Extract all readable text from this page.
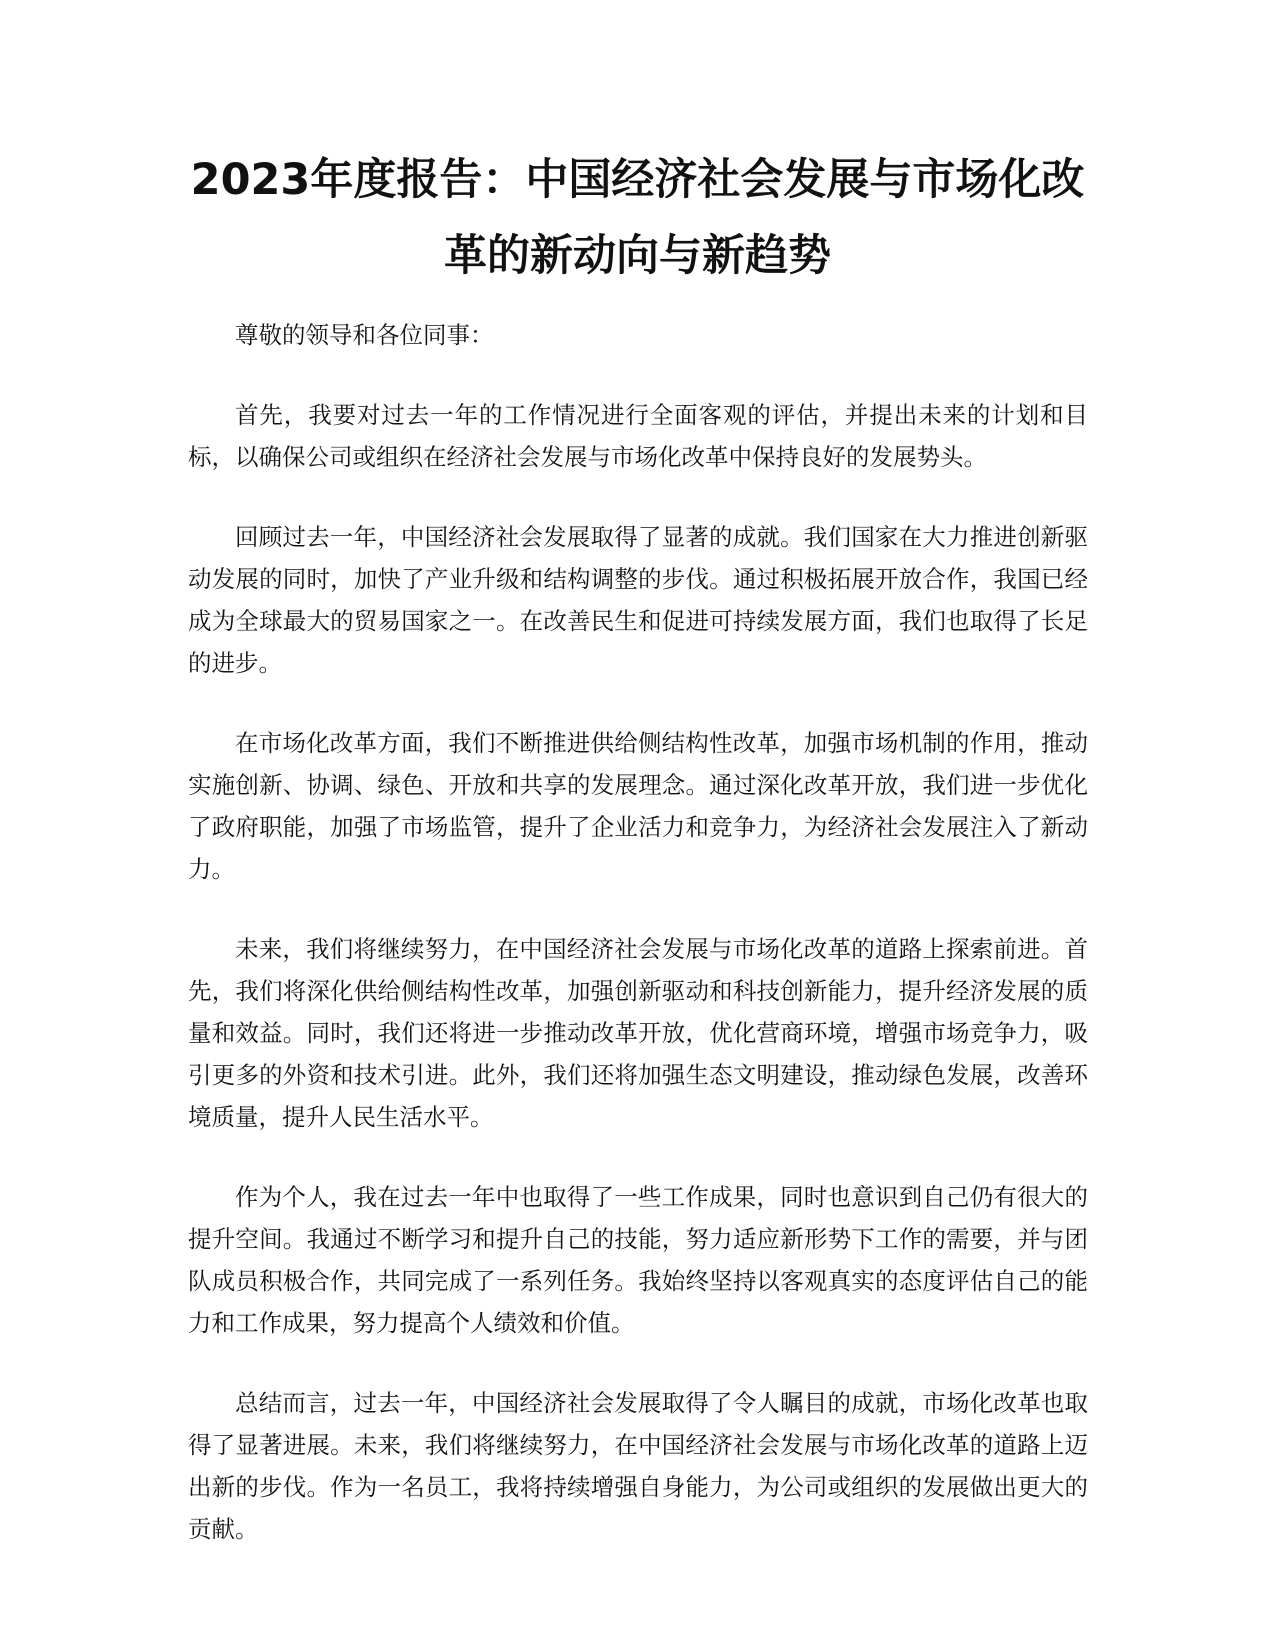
2023年度报告：中国经济社会发展与市场化改革的新动向与新趋势

尊敬的领导和各位同事：

首先，我要对过去一年的工作情况进行全面客观的评估，并提出未来的计划和目标，以确保公司或组织在经济社会发展与市场化改革中保持良好的发展势头。

回顾过去一年，中国经济社会发展取得了显著的成就。我们国家在大力推进创新驱动发展的同时，加快了产业升级和结构调整的步伐。通过积极拓展开放合作，我国已经成为全球最大的贸易国家之一。在改善民生和促进可持续发展方面，我们也取得了长足的进步。

在市场化改革方面，我们不断推进供给侧结构性改革，加强市场机制的作用，推动实施创新、协调、绿色、开放和共享的发展理念。通过深化改革开放，我们进一步优化了政府职能，加强了市场监管，提升了企业活力和竞争力，为经济社会发展注入了新动力。

未来，我们将继续努力，在中国经济社会发展与市场化改革的道路上探索前进。首先，我们将深化供给侧结构性改革，加强创新驱动和科技创新能力，提升经济发展的质量和效益。同时，我们还将进一步推动改革开放，优化营商环境，增强市场竞争力，吸引更多的外资和技术引进。此外，我们还将加强生态文明建设，推动绿色发展，改善环境质量，提升人民生活水平。

作为个人，我在过去一年中也取得了一些工作成果，同时也意识到自己仍有很大的提升空间。我通过不断学习和提升自己的技能，努力适应新形势下工作的需要，并与团队成员积极合作，共同完成了一系列任务。我始终坚持以客观真实的态度评估自己的能力和工作成果，努力提高个人绩效和价值。

总结而言，过去一年，中国经济社会发展取得了令人瞩目的成就，市场化改革也取得了显著进展。未来，我们将继续努力，在中国经济社会发展与市场化改革的道路上迈出新的步伐。作为一名员工，我将持续增强自身能力，为公司或组织的发展做出更大的贡献。
